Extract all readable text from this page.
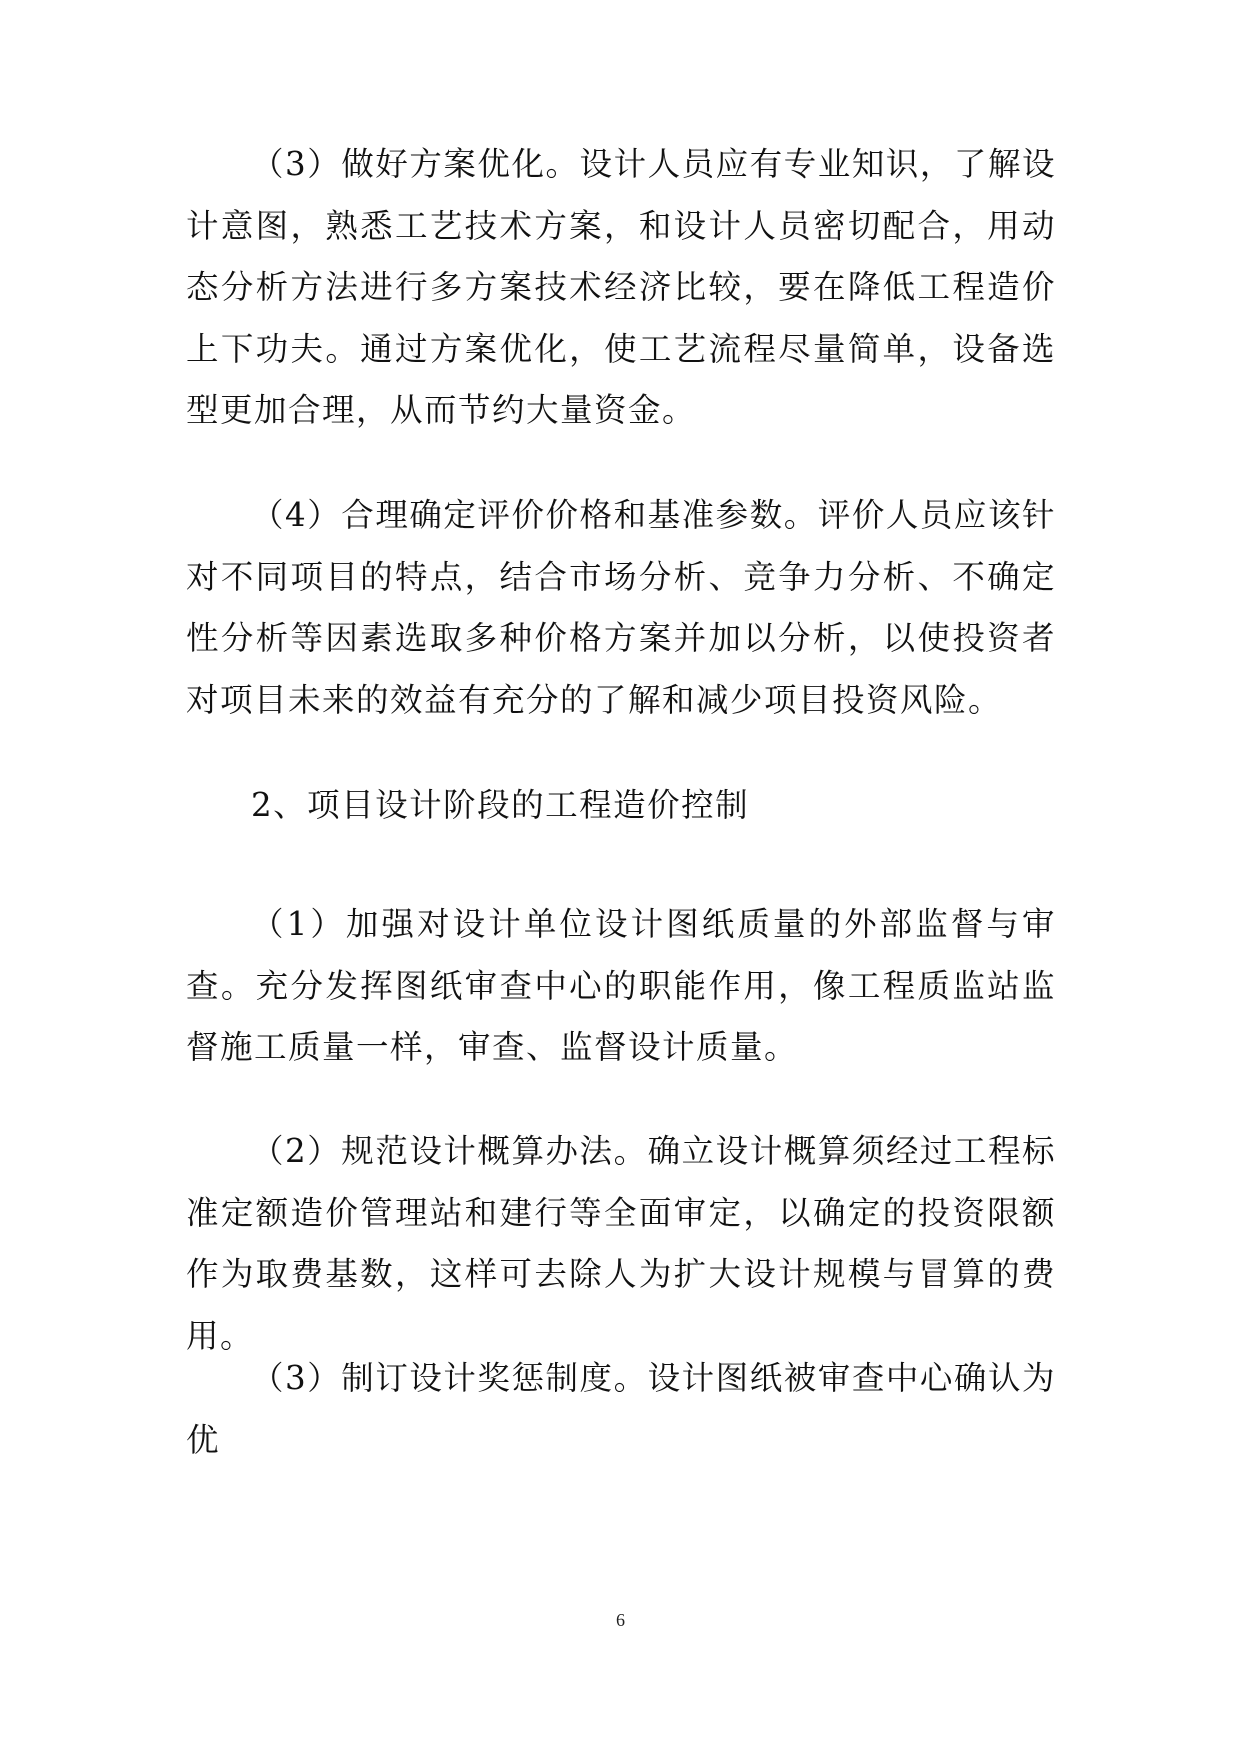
（3）做好方案优化。设计人员应有专业知识，了解设计意图，熟悉工艺技术方案，和设计人员密切配合，用动态分析方法进行多方案技术经济比较，要在降低工程造价上下功夫。通过方案优化，使工艺流程尽量简单，设备选型更加合理，从而节约大量资金。

（4）合理确定评价价格和基准参数。评价人员应该针对不同项目的特点，结合市场分析、竞争力分析、不确定性分析等因素选取多种价格方案并加以分析，以使投资者对项目未来的效益有充分的了解和减少项目投资风险。

2、项目设计阶段的工程造价控制

（1）加强对设计单位设计图纸质量的外部监督与审查。充分发挥图纸审查中心的职能作用，像工程质监站监督施工质量一样，审查、监督设计质量。

（2）规范设计概算办法。确立设计概算须经过工程标准定额造价管理站和建行等全面审定，以确定的投资限额作为取费基数，这样可去除人为扩大设计规模与冒算的费用。

（3）制订设计奖惩制度。设计图纸被审查中心确认为优

6
